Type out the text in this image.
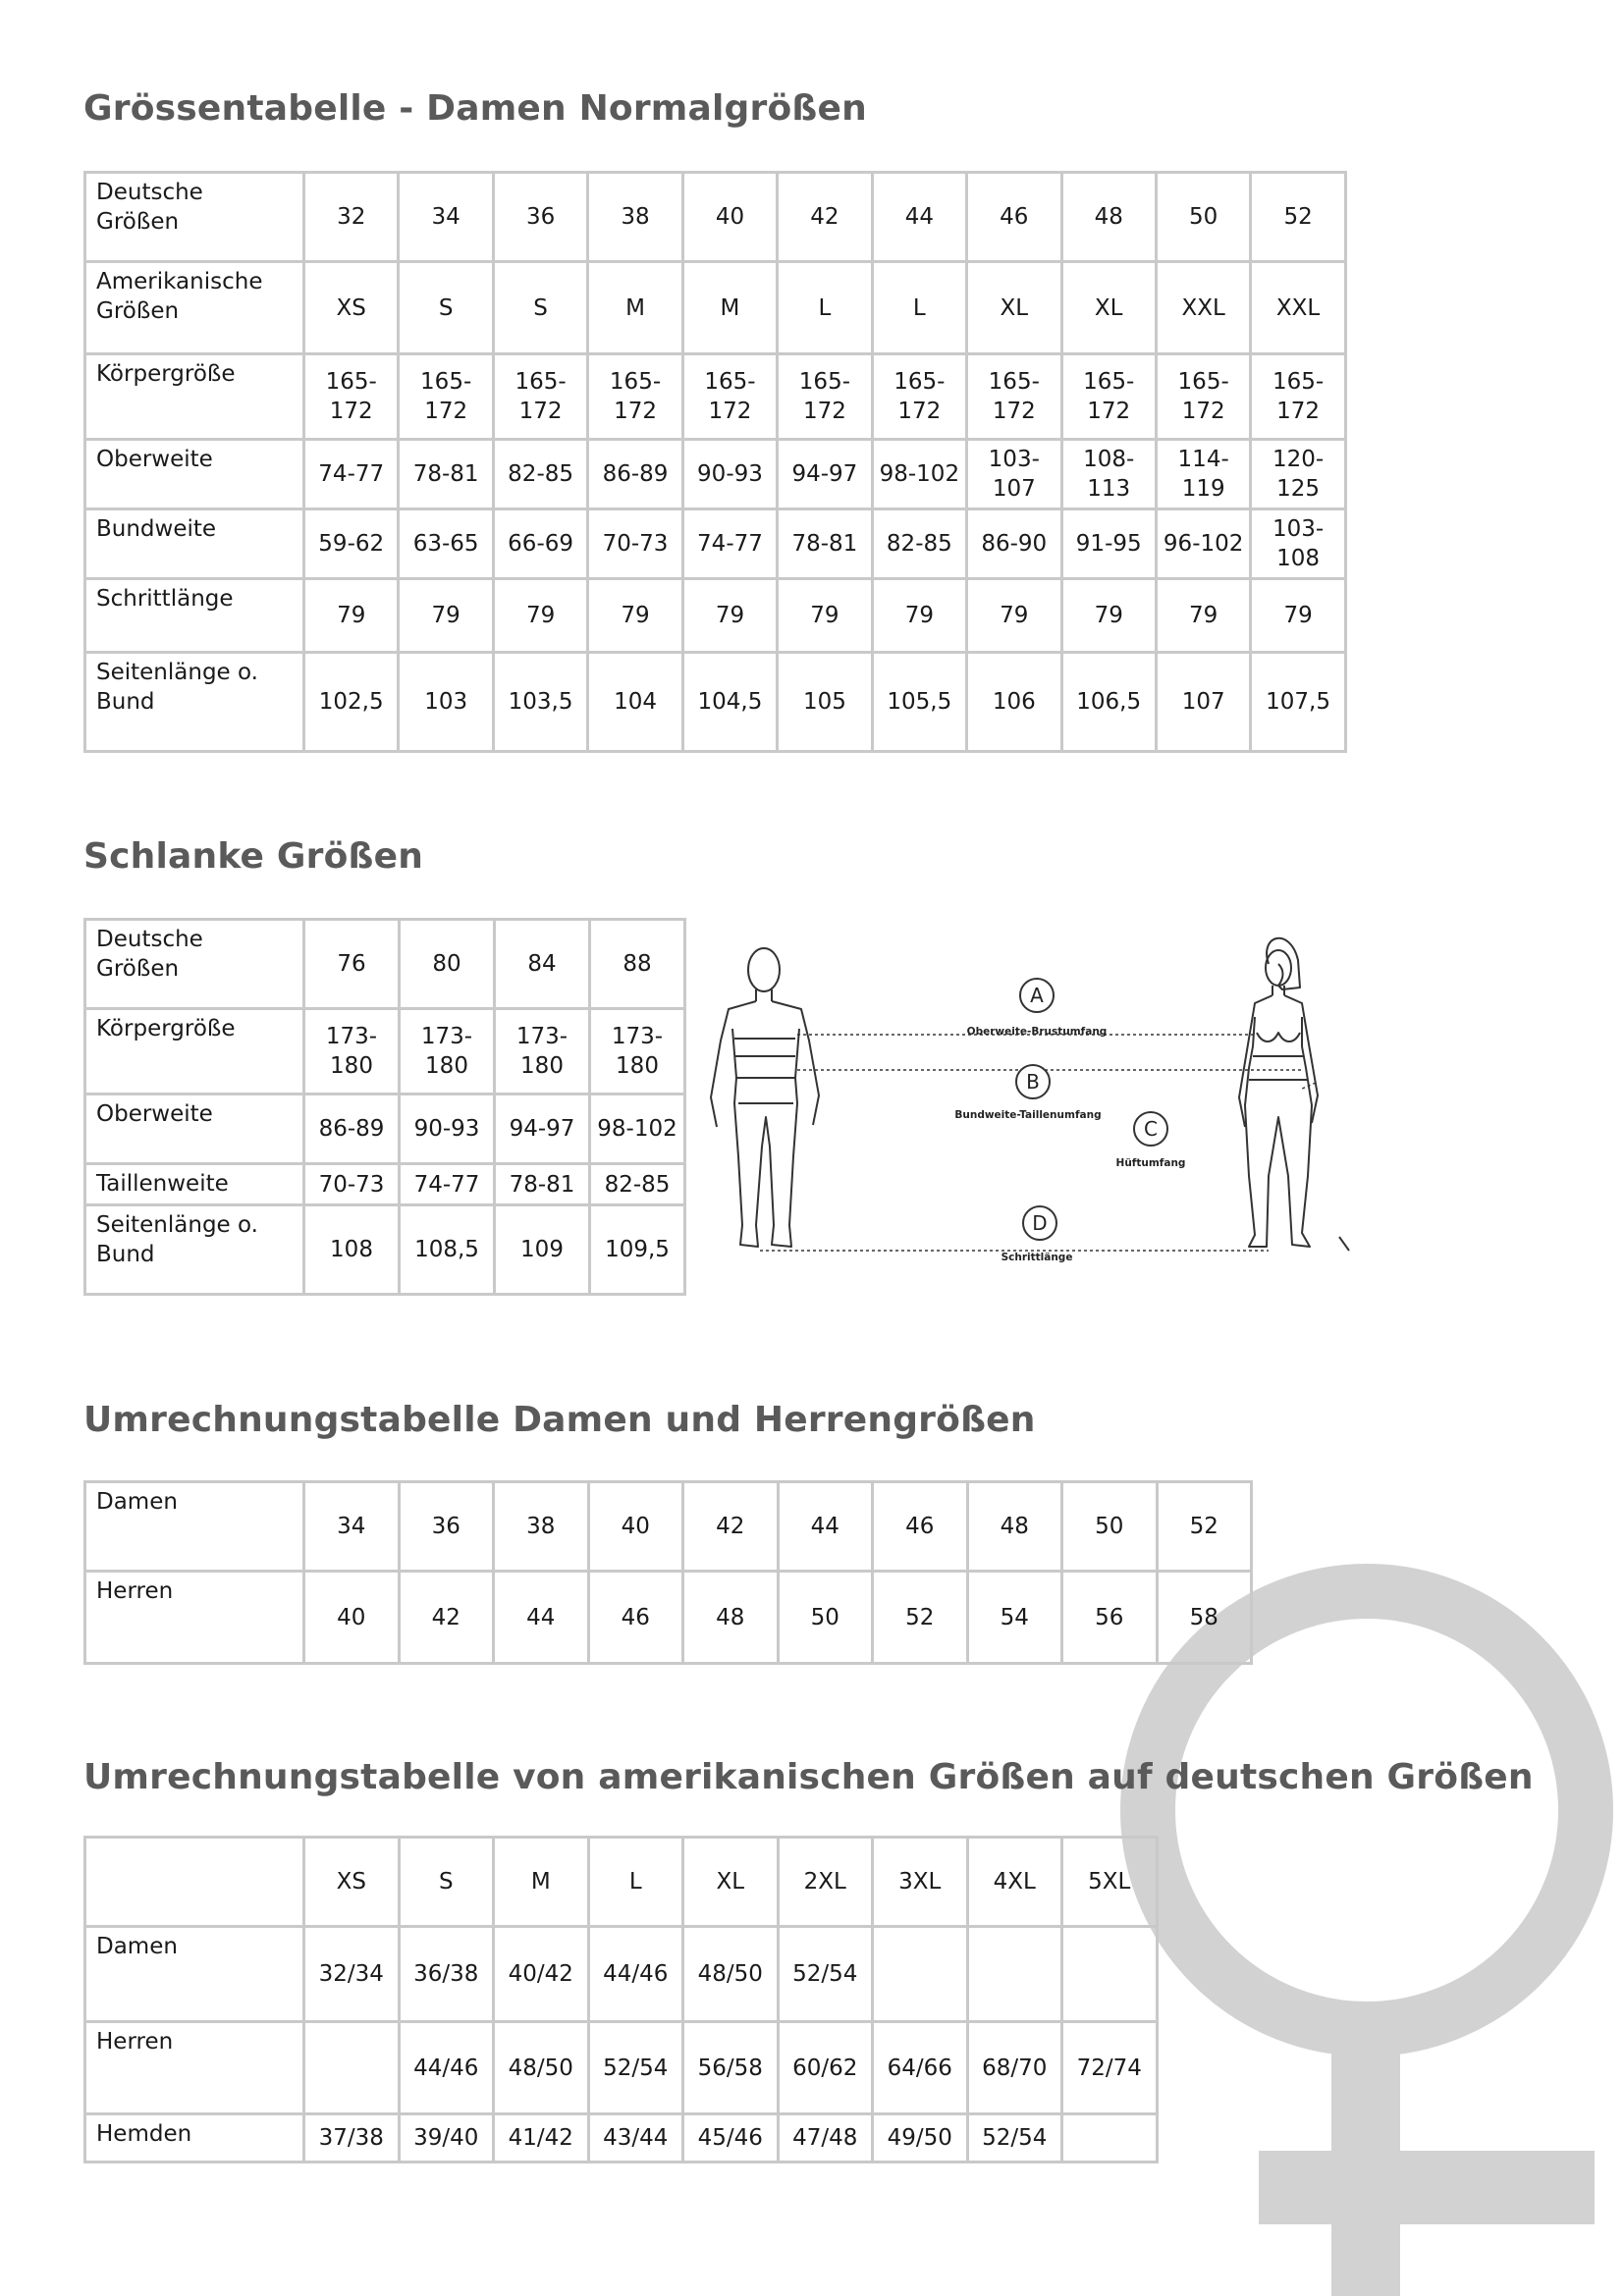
Grössentabelle - Damen Normalgrößen
Deutsche Größen	32	34	36	38	40	42	44	46	48	50	52
Amerikanische Größen	XS	S	S	M	M	L	L	XL	XL	XXL	XXL
Körpergröße	165-172	165-172	165-172	165-172	165-172	165-172	165-172	165-172	165-172	165-172	165-172
Oberweite	74-77	78-81	82-85	86-89	90-93	94-97	98-102	103-107	108-113	114-119	120-125
Bundweite	59-62	63-65	66-69	70-73	74-77	78-81	82-85	86-90	91-95	96-102	103-108
Schrittlänge	79	79	79	79	79	79	79	79	79	79	79
Seitenlänge o. Bund	102,5	103	103,5	104	104,5	105	105,5	106	106,5	107	107,5
Schlanke Größen
Deutsche Größen	76	80	84	88
Körpergröße	173-180	173-180	173-180	173-180
Oberweite	86-89	90-93	94-97	98-102
Taillenweite	70-73	74-77	78-81	82-85
Seitenlänge o. Bund	108	108,5	109	109,5
A
B
C
D
Oberweite-Brustumfang
Bundweite-Taillenumfang
Hüftumfang
Schrittlänge
Umrechnungstabelle Damen und Herrengrößen
Damen	34	36	38	40	42	44	46	48	50	52
Herren	40	42	44	46	48	50	52	54	56	58
Umrechnungstabelle von amerikanischen Größen auf deutschen Größen
	XS	S	M	L	XL	2XL	3XL	4XL	5XL
Damen	32/34	36/38	40/42	44/46	48/50	52/54			
Herren		44/46	48/50	52/54	56/58	60/62	64/66	68/70	72/74
Hemden	37/38	39/40	41/42	43/44	45/46	47/48	49/50	52/54	
